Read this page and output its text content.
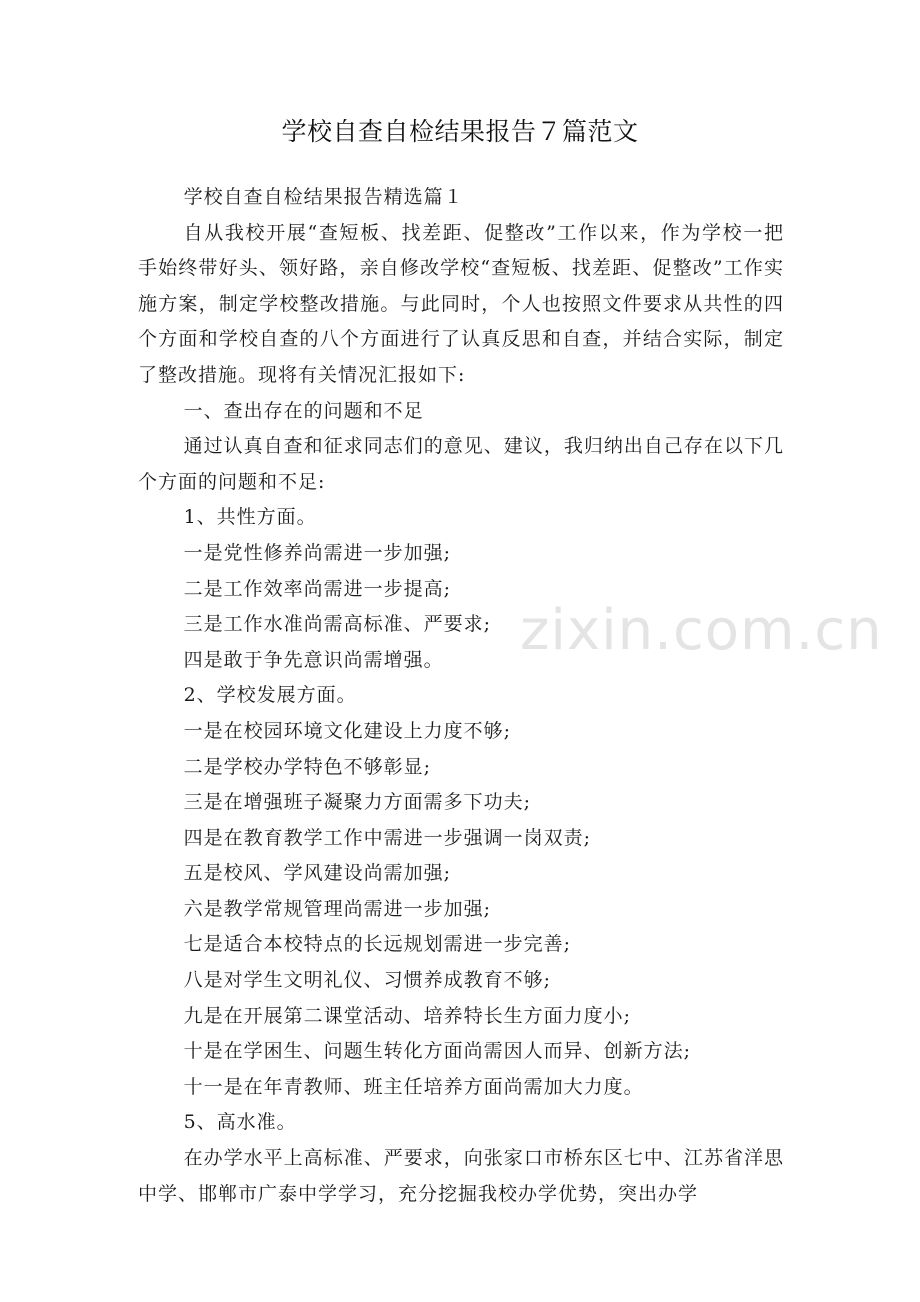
学校自查自检结果报告７篇范文

学校自查自检结果报告精选篇１

自从我校开展“查短板、找差距、促整改”工作以来，作为学校一把手始终带好头、领好路，亲自修改学校“查短板、找差距、促整改”工作实施方案，制定学校整改措施。与此同时，个人也按照文件要求从共性的四个方面和学校自查的八个方面进行了认真反思和自查，并结合实际，制定了整改措施。现将有关情况汇报如下:

一、查出存在的问题和不足

通过认真自查和征求同志们的意见、建议，我归纳出自己存在以下几个方面的问题和不足:

1、共性方面。

一是党性修养尚需进一步加强;

二是工作效率尚需进一步提高;

三是工作水准尚需高标准、严要求;

四是敢于争先意识尚需增强。

2、学校发展方面。

一是在校园环境文化建设上力度不够;

二是学校办学特色不够彰显;

三是在增强班子凝聚力方面需多下功夫;

四是在教育教学工作中需进一步强调一岗双责;

五是校风、学风建设尚需加强;

六是教学常规管理尚需进一步加强;

七是适合本校特点的长远规划需进一步完善;

八是对学生文明礼仪、习惯养成教育不够;

九是在开展第二课堂活动、培养特长生方面力度小;

十是在学困生、问题生转化方面尚需因人而异、创新方法;

十一是在年青教师、班主任培养方面尚需加大力度。

5、高水准。

在办学水平上高标准、严要求，向张家口市桥东区七中、江苏省洋思中学、邯郸市广泰中学学习，充分挖掘我校办学优势，突出办学

zixin.com.cn
